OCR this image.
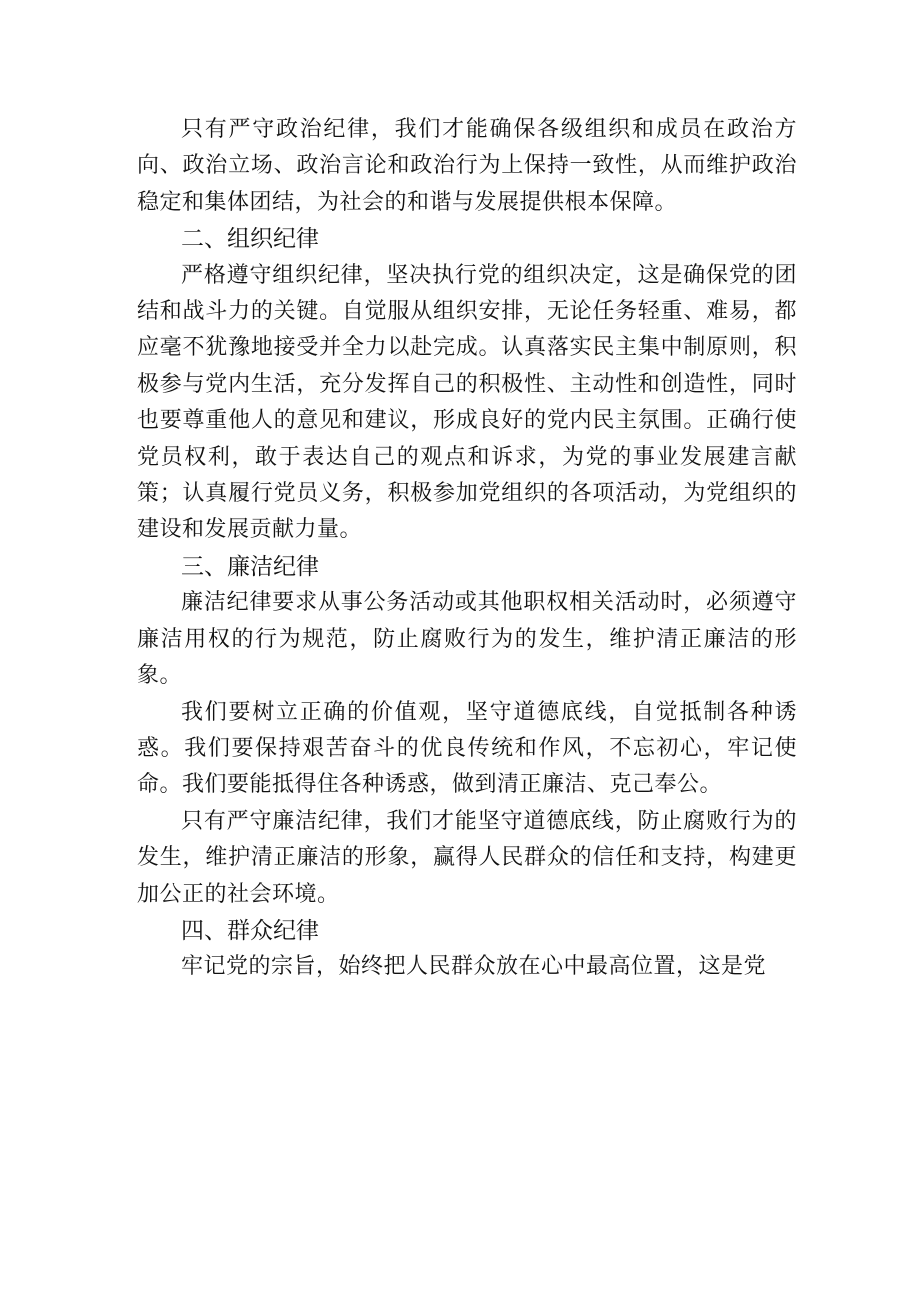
只有严守政治纪律，我们才能确保各级组织和成员在政治方向、政治立场、政治言论和政治行为上保持一致性，从而维护政治稳定和集体团结，为社会的和谐与发展提供根本保障。

二、组织纪律

严格遵守组织纪律，坚决执行党的组织决定，这是确保党的团结和战斗力的关键。自觉服从组织安排，无论任务轻重、难易，都应毫不犹豫地接受并全力以赴完成。认真落实民主集中制原则，积极参与党内生活，充分发挥自己的积极性、主动性和创造性，同时也要尊重他人的意见和建议，形成良好的党内民主氛围。正确行使党员权利，敢于表达自己的观点和诉求，为党的事业发展建言献策；认真履行党员义务，积极参加党组织的各项活动，为党组织的建设和发展贡献力量。

三、廉洁纪律

廉洁纪律要求从事公务活动或其他职权相关活动时，必须遵守廉洁用权的行为规范，防止腐败行为的发生，维护清正廉洁的形象。

我们要树立正确的价值观，坚守道德底线，自觉抵制各种诱惑。我们要保持艰苦奋斗的优良传统和作风，不忘初心，牢记使命。我们要能抵得住各种诱惑，做到清正廉洁、克己奉公。

只有严守廉洁纪律，我们才能坚守道德底线，防止腐败行为的发生，维护清正廉洁的形象，赢得人民群众的信任和支持，构建更加公正的社会环境。

四、群众纪律

牢记党的宗旨，始终把人民群众放在心中最高位置，这是党
